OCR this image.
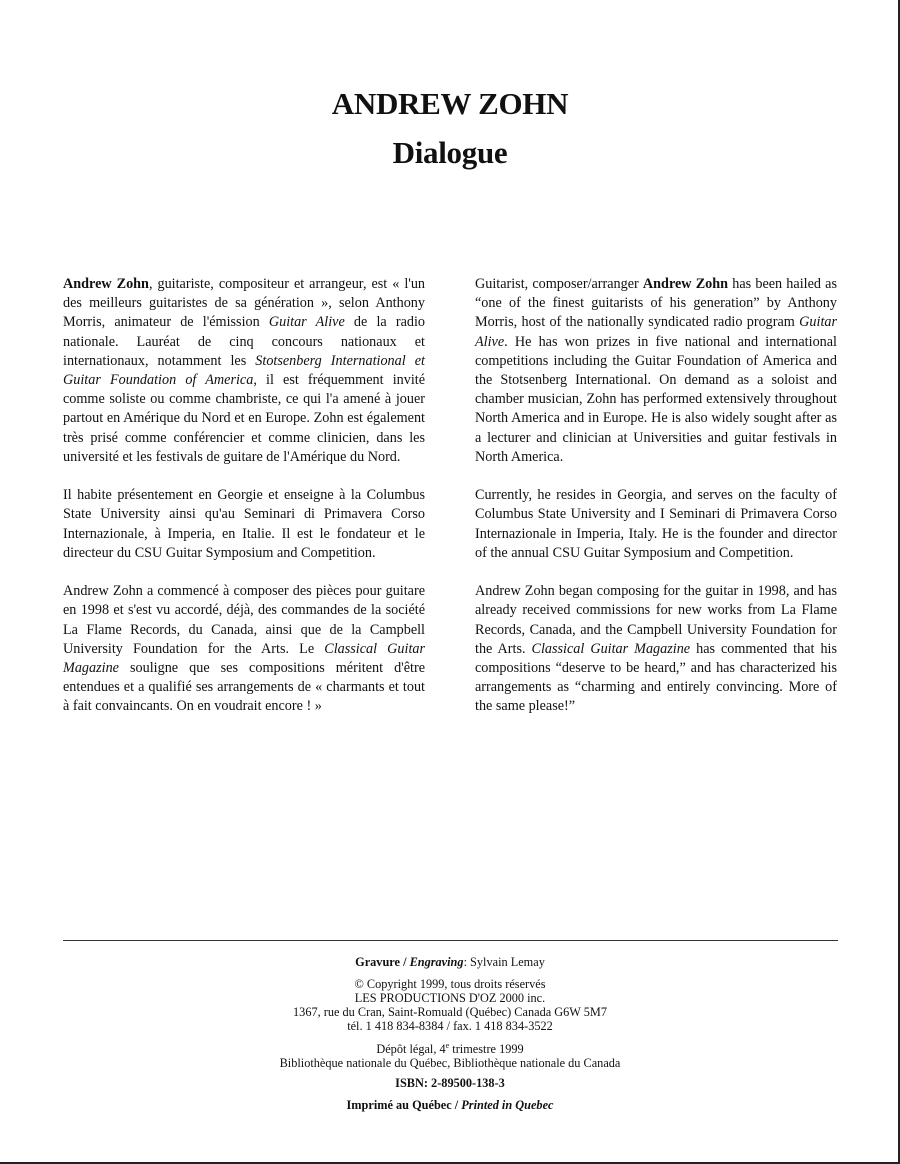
ANDREW ZOHN
Dialogue

Andrew Zohn, guitariste, compositeur et arrangeur, est « l'un des meilleurs guitaristes de sa génération », selon Anthony Morris, animateur de l'émission Guitar Alive de la radio nationale. Lauréat de cinq concours nationaux et internationaux, notamment les Stotsenberg International et Guitar Foundation of America, il est fréquemment invité comme soliste ou comme chambriste, ce qui l'a amené à jouer partout en Amérique du Nord et en Europe. Zohn est également très prisé comme conférencier et comme clinicien, dans les université et les festivals de guitare de l'Amérique du Nord.

Il habite présentement en Georgie et enseigne à la Columbus State University ainsi qu'au Seminari di Primavera Corso Internazionale, à Imperia, en Italie. Il est le fondateur et le directeur du CSU Guitar Symposium and Competition.

Andrew Zohn a commencé à composer des pièces pour guitare en 1998 et s'est vu accordé, déjà, des commandes de la société La Flame Records, du Canada, ainsi que de la Campbell University Foundation for the Arts. Le Classical Guitar Magazine souligne que ses compositions méritent d'être entendues et a qualifié ses arrangements de « charmants et tout à fait convaincants. On en voudrait encore ! »

Guitarist, composer/arranger Andrew Zohn has been hailed as “one of the finest guitarists of his generation” by Anthony Morris, host of the nationally syndicated radio program Guitar Alive. He has won prizes in five national and international competitions including the Guitar Foundation of America and the Stotsenberg International. On demand as a soloist and chamber musician, Zohn has performed extensively throughout North America and in Europe. He is also widely sought after as a lecturer and clinician at Universities and guitar festivals in North America.

Currently, he resides in Georgia, and serves on the faculty of Columbus State University and I Seminari di Primavera Corso Internazionale in Imperia, Italy. He is the founder and director of the annual CSU Guitar Symposium and Competition.

Andrew Zohn began composing for the guitar in 1998, and has already received commissions for new works from La Flame Records, Canada, and the Campbell University Foundation for the Arts. Classical Guitar Magazine has commented that his compositions “deserve to be heard,” and has characterized his arrangements as “charming and entirely convincing. More of the same please!”

Gravure / Engraving: Sylvain Lemay
© Copyright 1999, tous droits réservés
LES PRODUCTIONS D'OZ 2000 inc.
1367, rue du Cran, Saint-Romuald (Québec) Canada G6W 5M7
tél. 1 418 834-8384 / fax. 1 418 834-3522
Dépôt légal, 4e trimestre 1999
Bibliothèque nationale du Québec, Bibliothèque nationale du Canada
ISBN: 2-89500-138-3
Imprimé au Québec / Printed in Quebec
